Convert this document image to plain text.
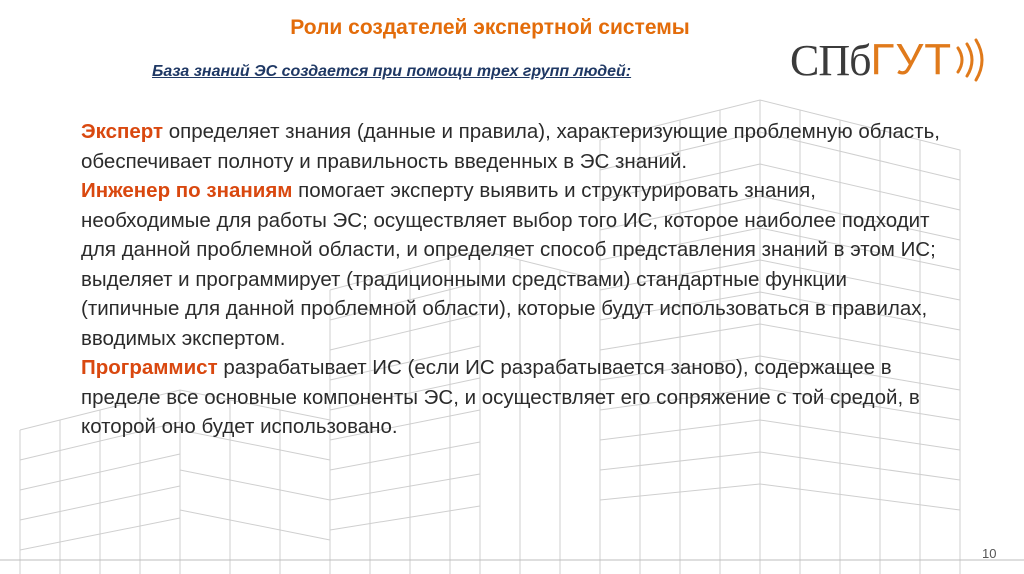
Роли создателей экспертной системы

База знаний ЭС создается при помощи трех групп людей:	СПб ГУТ

Эксперт определяет знания (данные и правила), характеризующие проблемную область, обеспечивает полноту и правильность введенных в ЭС знаний.

Инженер по знаниям помогает эксперту выявить и структурировать знания, необходимые для работы ЭС; осуществляет выбор того ИС, которое наиболее подходит для данной проблемной области, и определяет способ представления знаний в этом ИС; выделяет и программирует (традиционными средствами) стандартные функции (типичные для данной проблемной области), которые будут использоваться в правилах, вводимых экспертом.

Программист разрабатывает ИС (если ИС разрабатывается заново), содержащее в пределе все основные компоненты ЭС, и осуществляет его сопряжение с той средой, в которой оно будет использовано.

10
